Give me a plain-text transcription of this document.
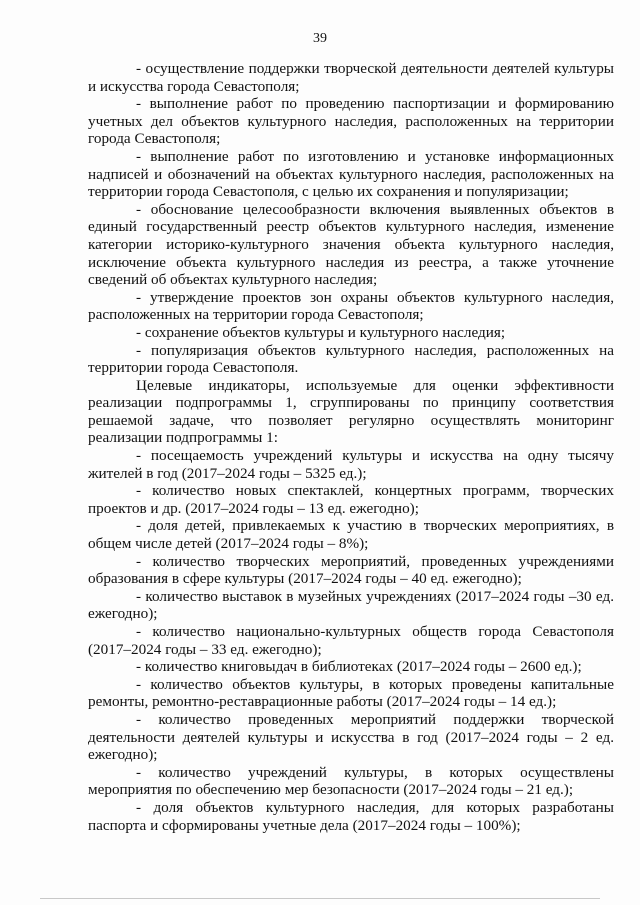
39

- осуществление поддержки творческой деятельности деятелей культуры и искусства города Севастополя;

- выполнение работ по проведению паспортизации и формированию учетных дел объектов культурного наследия, расположенных на территории города Севастополя;

- выполнение работ по изготовлению и установке информационных надписей и обозначений на объектах культурного наследия, расположенных на территории города Севастополя, с целью их сохранения и популяризации;

- обоснование целесообразности включения выявленных объектов в единый государственный реестр объектов культурного наследия, изменение категории историко-культурного значения объекта культурного наследия, исключение объекта культурного наследия из реестра, а также уточнение сведений об объектах культурного наследия;

- утверждение проектов зон охраны объектов культурного наследия, расположенных на территории города Севастополя;

- сохранение объектов культуры и культурного наследия;

- популяризация объектов культурного наследия, расположенных на территории города Севастополя.

Целевые индикаторы, используемые для оценки эффективности реализации подпрограммы 1, сгруппированы по принципу соответствия решаемой задаче, что позволяет регулярно осуществлять мониторинг реализации подпрограммы 1:

- посещаемость учреждений культуры и искусства на одну тысячу жителей в год (2017–2024 годы – 5325 ед.);

- количество новых спектаклей, концертных программ, творческих проектов и др. (2017–2024 годы – 13 ед. ежегодно);

- доля детей, привлекаемых к участию в творческих мероприятиях, в общем числе детей (2017–2024 годы – 8%);

- количество творческих мероприятий, проведенных учреждениями образования в сфере культуры (2017–2024 годы – 40 ед. ежегодно);

- количество выставок в музейных учреждениях (2017–2024 годы –30 ед. ежегодно);

- количество национально-культурных обществ города Севастополя (2017–2024 годы – 33 ед. ежегодно);

- количество книговыдач в библиотеках (2017–2024 годы – 2600 ед.);

- количество объектов культуры, в которых проведены капитальные ремонты, ремонтно-реставрационные работы (2017–2024 годы – 14 ед.);

- количество проведенных мероприятий поддержки творческой деятельности деятелей культуры и искусства в год (2017–2024 годы – 2 ед. ежегодно);

- количество учреждений культуры, в которых осуществлены мероприятия по обеспечению мер безопасности (2017–2024 годы – 21 ед.);

- доля объектов культурного наследия, для которых разработаны паспорта и сформированы учетные дела (2017–2024 годы – 100%);
